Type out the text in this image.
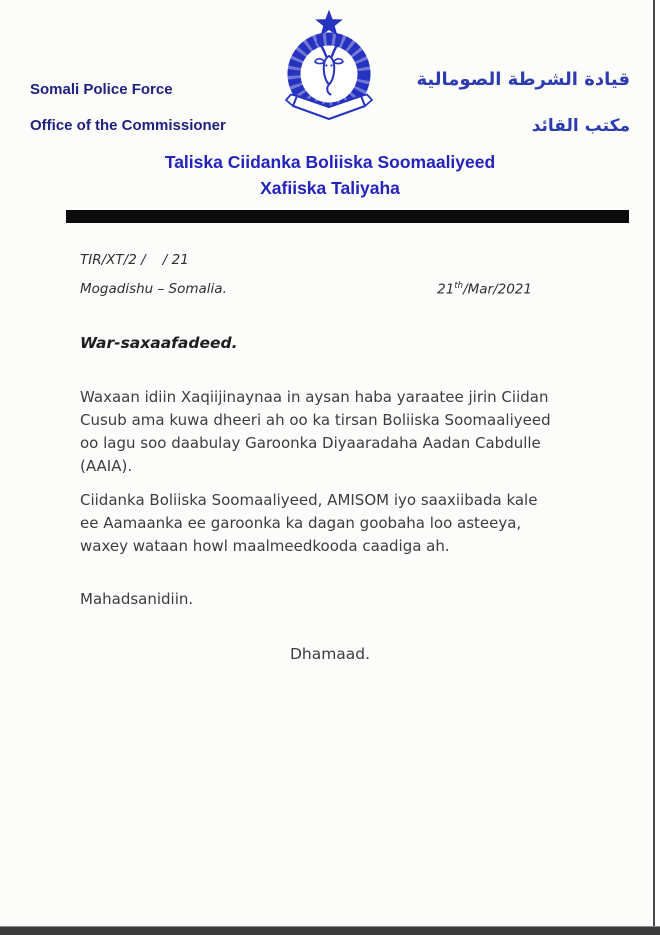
Somali Police Force
Office of the Commissioner
قيادة الشرطة الصومالية
مكتب القائد
Taliska Ciidanka Boliiska Soomaaliyeed
Xafiiska Taliyaha
TIR/XT/2 /    / 21
Mogadishu – Somalia.	21th/Mar/2021
War-saxaafadeed.
Waxaan idiin Xaqiijinaynaa in aysan haba yaraatee jirin Ciidan Cusub ama kuwa dheeri ah oo ka tirsan Boliiska Soomaaliyeed oo lagu soo daabulay Garoonka Diyaaradaha Aadan Cabdulle (AAIA).
Ciidanka Boliiska Soomaaliyeed, AMISOM iyo saaxiibada kale ee Aamaanka ee garoonka ka dagan goobaha loo asteeya, waxey wataan howl maalmeedkooda caadiga ah.
Mahadsanidiin.
Dhamaad.
